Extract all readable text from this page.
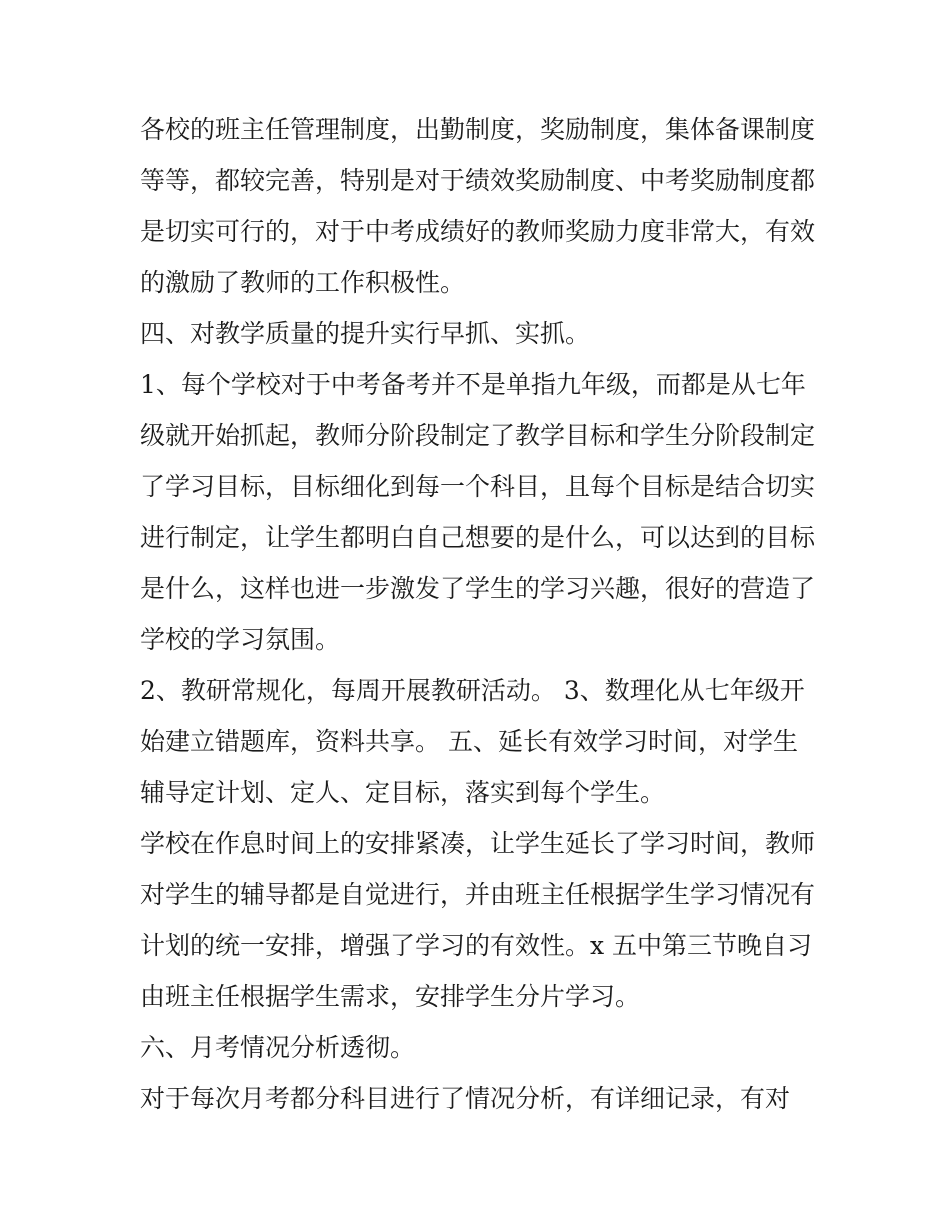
各校的班主任管理制度，出勤制度，奖励制度，集体备课制度
等等，都较完善，特别是对于绩效奖励制度、中考奖励制度都
是切实可行的，对于中考成绩好的教师奖励力度非常大，有效
的激励了教师的工作积极性。
四、对教学质量的提升实行早抓、实抓。
1、每个学校对于中考备考并不是单指九年级，而都是从七年
级就开始抓起，教师分阶段制定了教学目标和学生分阶段制定
了学习目标，目标细化到每一个科目，且每个目标是结合切实
进行制定，让学生都明白自己想要的是什么，可以达到的目标
是什么，这样也进一步激发了学生的学习兴趣，很好的营造了
学校的学习氛围。
2、教研常规化，每周开展教研活动。 3、数理化从七年级开
始建立错题库，资料共享。 五、延长有效学习时间，对学生
辅导定计划、定人、定目标，落实到每个学生。
学校在作息时间上的安排紧凑，让学生延长了学习时间，教师
对学生的辅导都是自觉进行，并由班主任根据学生学习情况有
计划的统一安排，增强了学习的有效性。x 五中第三节晚自习
由班主任根据学生需求，安排学生分片学习。
六、月考情况分析透彻。
对于每次月考都分科目进行了情况分析，有详细记录，有对
